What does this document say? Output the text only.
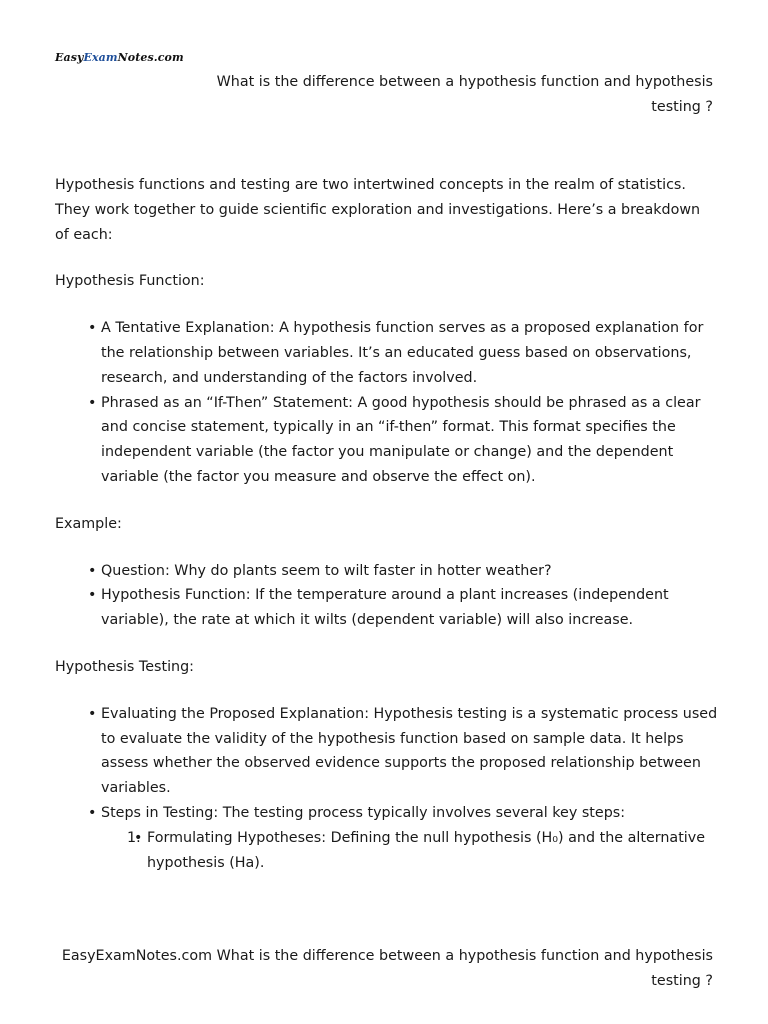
EasyExamNotes.com
What is the difference between a hypothesis function and hypothesis testing ?

Hypothesis functions and testing are two intertwined concepts in the realm of statistics. They work together to guide scientific exploration and investigations. Here’s a breakdown of each:

Hypothesis Function:

• A Tentative Explanation: A hypothesis function serves as a proposed explanation for the relationship between variables. It’s an educated guess based on observations, research, and understanding of the factors involved.
• Phrased as an “If-Then” Statement: A good hypothesis should be phrased as a clear and concise statement, typically in an “if-then” format. This format specifies the independent variable (the factor you manipulate or change) and the dependent variable (the factor you measure and observe the effect on).

Example:

• Question: Why do plants seem to wilt faster in hotter weather?
• Hypothesis Function: If the temperature around a plant increases (independent variable), the rate at which it wilts (dependent variable) will also increase.

Hypothesis Testing:

• Evaluating the Proposed Explanation: Hypothesis testing is a systematic process used to evaluate the validity of the hypothesis function based on sample data. It helps assess whether the observed evidence supports the proposed relationship between variables.
• Steps in Testing: The testing process typically involves several key steps:
• 1. Formulating Hypotheses: Defining the null hypothesis (H₀) and the alternative hypothesis (Ha).
EasyExamNotes.com What is the difference between a hypothesis function and hypothesis testing ?
